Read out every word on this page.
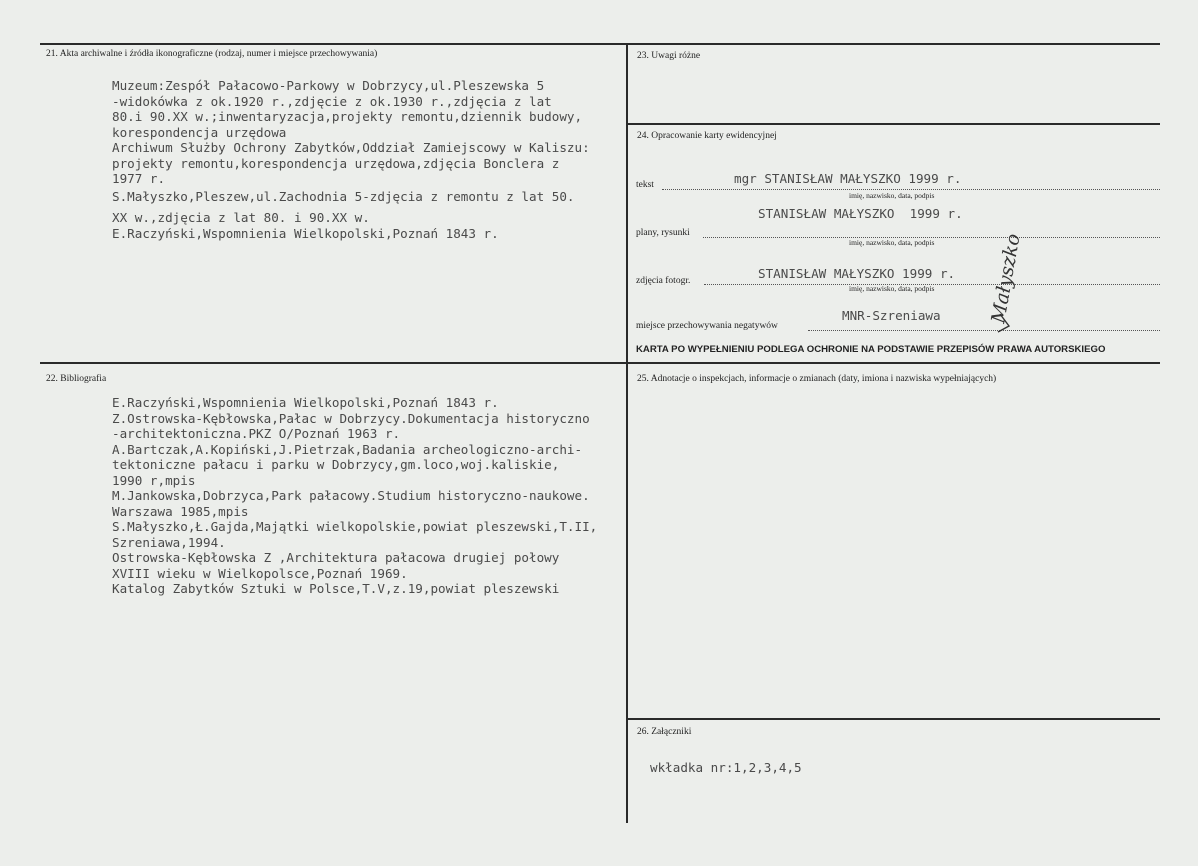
21. Akta archiwalne i źródła ikonograficzne (rodzaj, numer i miejsce przechowywania)
Muzeum:Zespół Pałacowo-Parkowy w Dobrzycy,ul.Pleszewska 5
-widokówka z ok.1920 r.,zdjęcie z ok.1930 r.,zdjęcia z lat
80.i 90.XX w.;inwentaryzacja,projekty remontu,dziennik budowy,
korespondencja urzędowa
Archiwum Służby Ochrony Zabytków,Oddział Zamiejscowy w Kaliszu:
projekty remontu,korespondencja urzędowa,zdjęcia Bonclera z
1977 r.
S.Małyszko,Pleszew,ul.Zachodnia 5-zdjęcia z remontu z lat 50.
XX w.,zdjęcia z lat 80. i 90.XX w.
E.Raczyński,Wspomnienia Wielkopolski,Poznań 1843 r.
23. Uwagi różne
24. Opracowanie karty ewidencyjnej
tekst	mgr STANISŁAW MAŁYSZKO 1999 r.
imię, nazwisko, data, podpis
plany, rysunki
STANISŁAW MAŁYSZKO  1999 r.
imię, nazwisko, data, podpis
zdjęcia fotogr.	STANISŁAW MAŁYSZKO 1999 r.
imię, nazwisko, data, podpis
miejsce przechowywania negatywów
MNR-Szreniawa
KARTA PO WYPEŁNIENIU PODLEGA OCHRONIE NA PODSTAWIE PRZEPISÓW PRAWA AUTORSKIEGO
Małyszko
22. Bibliografia
E.Raczyński,Wspomnienia Wielkopolski,Poznań 1843 r.
Z.Ostrowska-Kębłowska,Pałac w Dobrzycy.Dokumentacja historyczno
-architektoniczna.PKZ O/Poznań 1963 r.
A.Bartczak,A.Kopiński,J.Pietrzak,Badania archeologiczno-archi-
tektoniczne pałacu i parku w Dobrzycy,gm.loco,woj.kaliskie,
1990 r,mpis
M.Jankowska,Dobrzyca,Park pałacowy.Studium historyczno-naukowe.
Warszawa 1985,mpis
S.Małyszko,Ł.Gajda,Majątki wielkopolskie,powiat pleszewski,T.II,
Szreniawa,1994.
Ostrowska-Kębłowska Z ,Architektura pałacowa drugiej połowy
XVIII wieku w Wielkopolsce,Poznań 1969.
Katalog Zabytków Sztuki w Polsce,T.V,z.19,powiat pleszewski
25. Adnotacje o inspekcjach, informacje o zmianach (daty, imiona i nazwiska wypełniających)
26. Załączniki
wkładka nr:1,2,3,4,5
